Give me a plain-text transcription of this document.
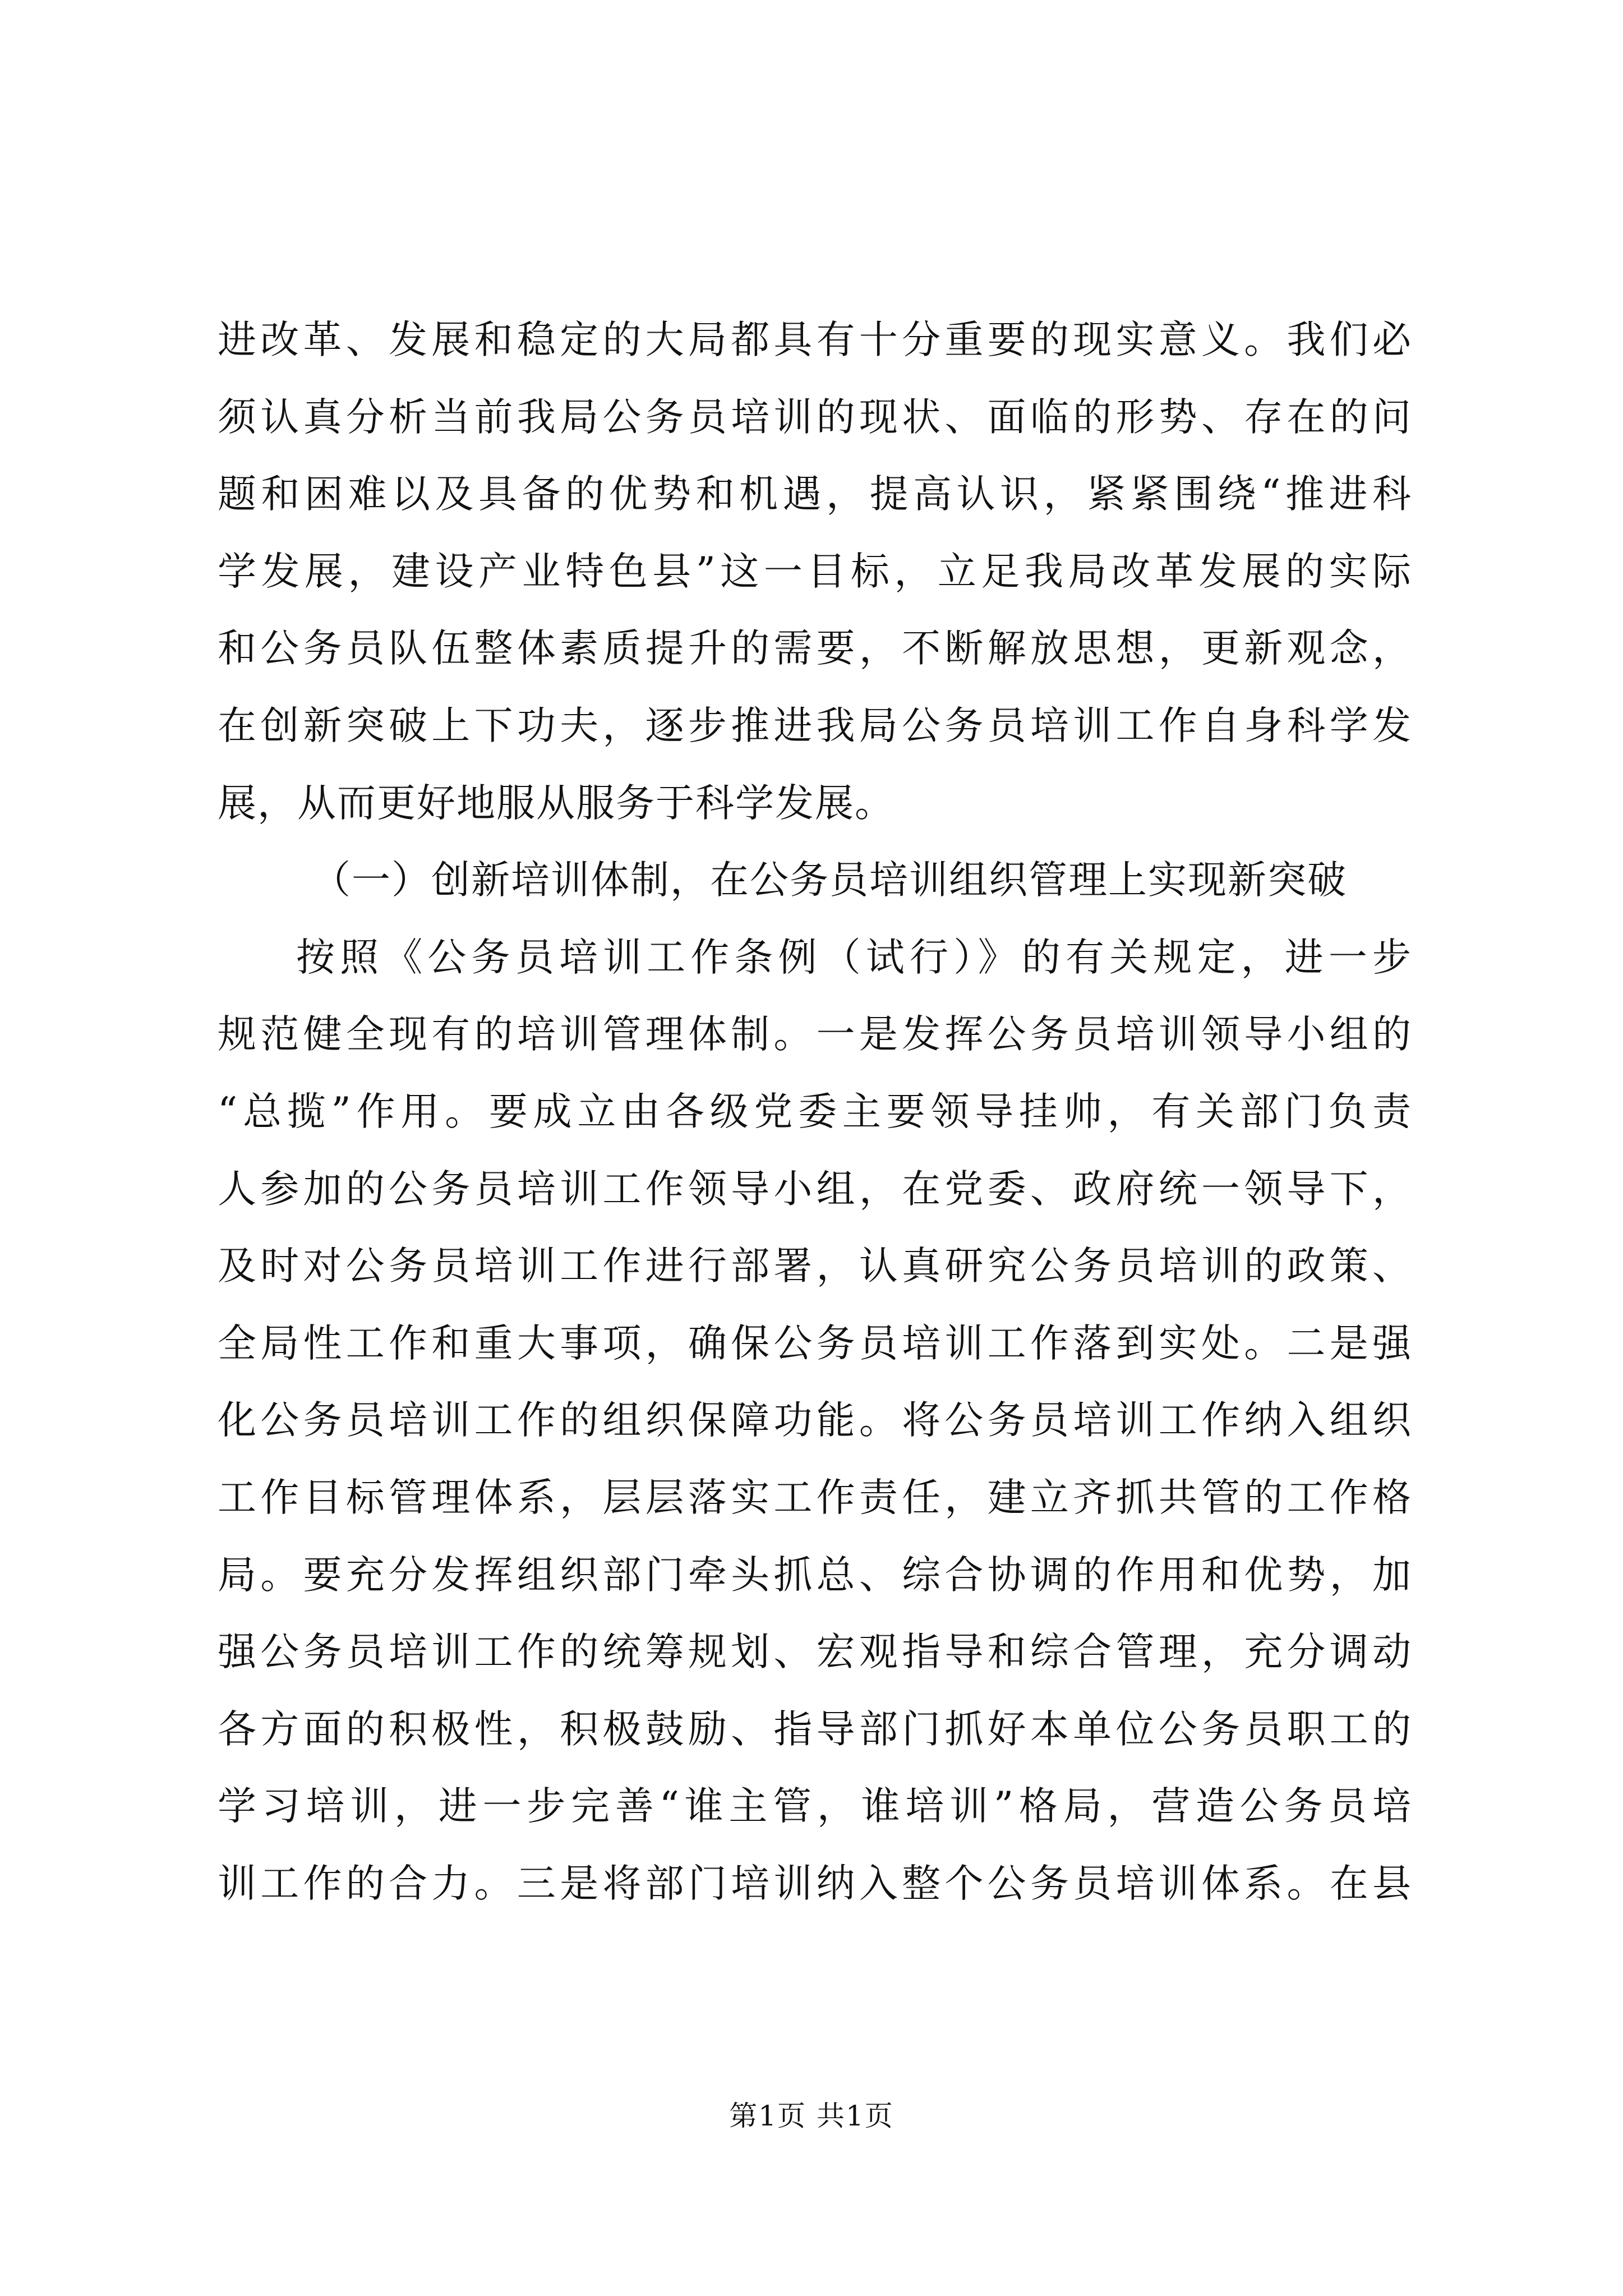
进改革、发展和稳定的大局都具有十分重要的现实意义。我们必
须认真分析当前我局公务员培训的现状、面临的形势、存在的问
题和困难以及具备的优势和机遇，提高认识，紧紧围绕“推进科
学发展，建设产业特色县”这一目标，立足我局改革发展的实际
和公务员队伍整体素质提升的需要，不断解放思想，更新观念，
在创新突破上下功夫，逐步推进我局公务员培训工作自身科学发
展，从而更好地服从服务于科学发展。
（一）创新培训体制，在公务员培训组织管理上实现新突破
按照《公务员培训工作条例（试行）》的有关规定，进一步
规范健全现有的培训管理体制。一是发挥公务员培训领导小组的
“总揽”作用。要成立由各级党委主要领导挂帅，有关部门负责
人参加的公务员培训工作领导小组，在党委、政府统一领导下，
及时对公务员培训工作进行部署，认真研究公务员培训的政策、
全局性工作和重大事项，确保公务员培训工作落到实处。二是强
化公务员培训工作的组织保障功能。将公务员培训工作纳入组织
工作目标管理体系，层层落实工作责任，建立齐抓共管的工作格
局。要充分发挥组织部门牵头抓总、综合协调的作用和优势，加
强公务员培训工作的统筹规划、宏观指导和综合管理，充分调动
各方面的积极性，积极鼓励、指导部门抓好本单位公务员职工的
学习培训，进一步完善“谁主管，谁培训”格局，营造公务员培
训工作的合力。三是将部门培训纳入整个公务员培训体系。在县
第1页 共1页
